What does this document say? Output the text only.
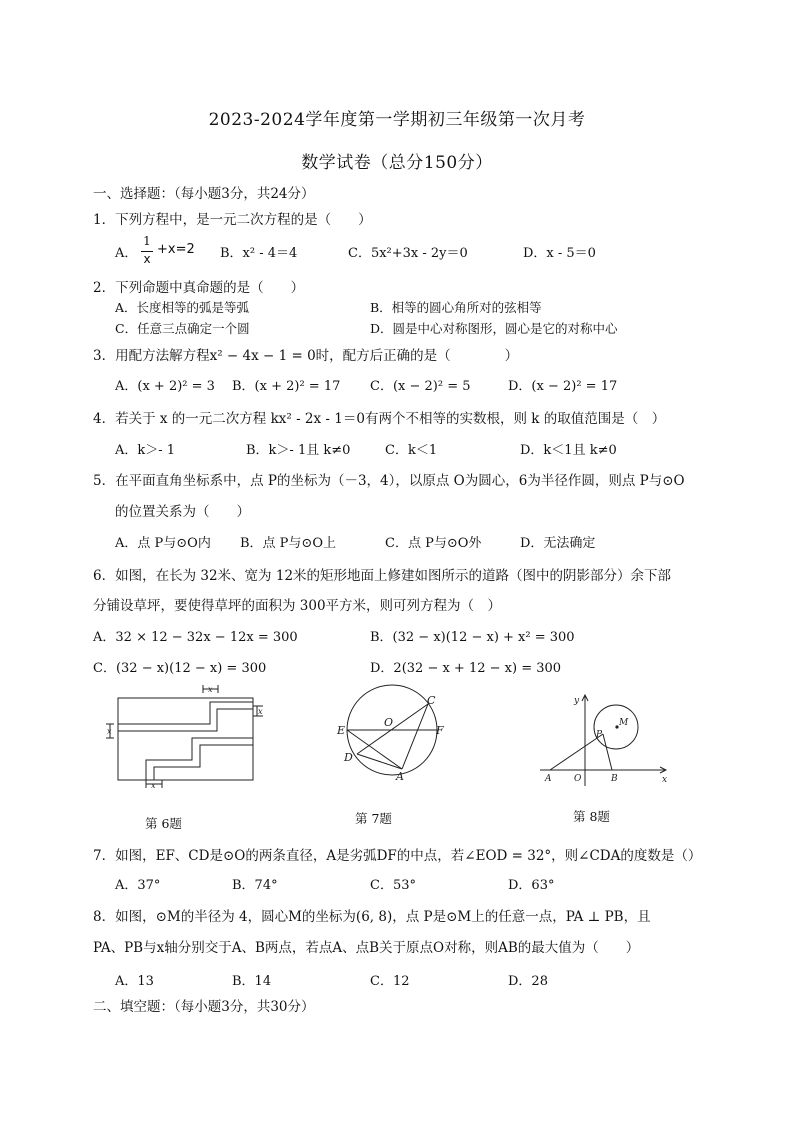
2023-2024学年度第一学期初三年级第一次月考
数学试卷（总分150分）
一、选择题：（每小题3分，共24分）
1．下列方程中，是一元二次方程的是（　　）
A．
1
x
+x=2 B．x² - 4＝4	C．5x²+3x - 2y＝0	D．x - 5＝0
2．下列命题中真命题的是（　　）
A．长度相等的弧是等弧	B．相等的圆心角所对的弦相等
C．任意三点确定一个圆	D．圆是中心对称图形，圆心是它的对称中心
3．用配方法解方程x² − 4x − 1 = 0时，配方后正确的是（　　　　）
A．(x + 2)² = 3 B．(x + 2)² = 17 C．(x − 2)² = 5	D．(x − 2)² = 17
4．若关于 x 的一元二次方程 kx² - 2x - 1＝0有两个不相等的实数根，则 k 的取值范围是（　）
A．k＞- 1	B．k＞- 1且 k≠0	C．k＜1	D．k＜1且 k≠0
5．在平面直角坐标系中，点 P的坐标为（－3，4），以原点 O为圆心，6为半径作圆，则点 P与⊙O
的位置关系为（　　）
A．点 P与⊙O内 B．点 P与⊙O上	C．点 P与⊙O外	D．无法确定
6．如图，在长为 32米、宽为 12米的矩形地面上修建如图所示的道路（图中的阴影部分）余下部
分铺设草坪，要使得草坪的面积为 300平方米，则可列方程为（　）
A．32 × 12 − 32x − 12x = 300	B．(32 − x)(12 − x) + x² = 300
C．(32 − x)(12 − x) = 300	D．2(32 − x + 12 − x) = 300
x
x
x
x
第 6题
O
C
E	F
D
A
第 7题
y
x
O
A	B
P
M
第 8题
7．如图，EF、CD是⊙O的两条直径，A是劣弧DF的中点，若∠EOD = 32°，则∠CDA的度数是（）
A．37°	B．74°	C．53°	D．63°
8．如图，⊙M的半径为 4，圆心M的坐标为(6, 8)，点 P是⊙M上的任意一点，PA ⊥ PB，且
PA、PB与x轴分别交于A、B两点，若点A、点B关于原点O对称，则AB的最大值为（　　）
A．13	B．14	C．12	D．28
二、填空题：（每小题3分，共30分）
